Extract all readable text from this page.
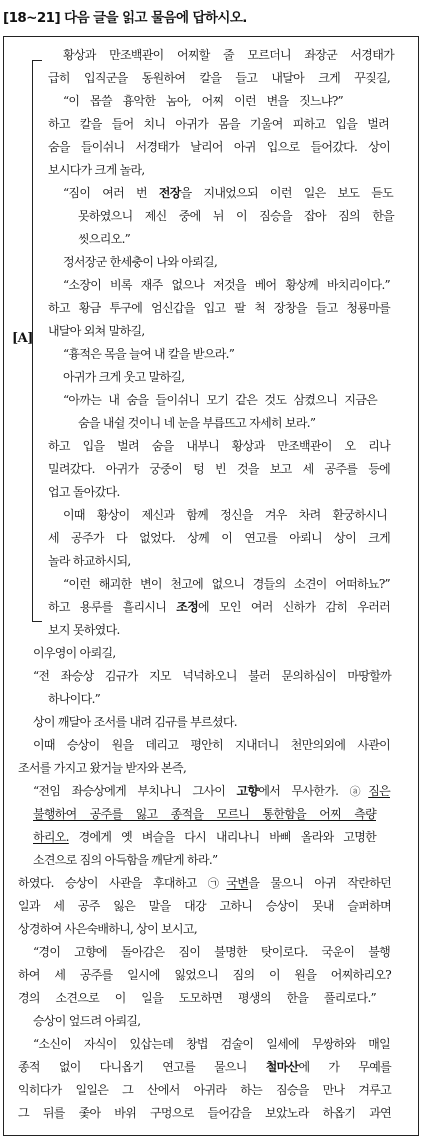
[18~21] 다음 글을 읽고 물음에 답하시오.
[A]
황상과 만조백관이 어찌할 줄 모르더니 좌장군 서경태가
급히 입직군을 동원하여 칼을 들고 내달아 크게 꾸짖길,
“이 몹쓸 흉악한 놈아, 어찌 이런 변을 짓느냐?”
하고 칼을 들어 치니 아귀가 몸을 기울여 피하고 입을 벌려
숨을 들이쉬니 서경태가 날리어 아귀 입으로 들어갔다. 상이
보시다가 크게 놀라,
“짐이 여러 번 전장을 지내었으되 이런 일은 보도 듣도
못하였으니 제신 중에 뉘 이 짐승을 잡아 짐의 한을
씻으리오.”
정서장군 한세충이 나와 아뢰길,
“소장이 비록 재주 없으나 저것을 베어 황상께 바치리이다.”
하고 황금 투구에 엄신갑을 입고 팔 척 장창을 들고 청룡마를
내달아 외쳐 말하길,
“흉적은 목을 늘여 내 칼을 받으라.”
아귀가 크게 웃고 말하길,
“아까는 내 숨을 들이쉬니 모기 같은 것도 삼켰으니 지금은
숨을 내쉴 것이니 네 눈을 부릅뜨고 자세히 보라.”
하고 입을 벌려 숨을 내부니 황상과 만조백관이 오 리나
밀려갔다. 아귀가 궁중이 텅 빈 것을 보고 세 공주를 등에
업고 돌아갔다.
이때 황상이 제신과 함께 정신을 겨우 차려 환궁하시니
세 공주가 다 없었다. 상께 이 연고를 아뢰니 상이 크게
놀라 하교하시되,
“이런 해괴한 변이 천고에 없으니 경들의 소견이 어떠하뇨?”
하고 용루를 흘리시니 조정에 모인 여러 신하가 감히 우러러
보지 못하였다.
이우영이 아뢰길,
“전 좌승상 김규가 지모 넉넉하오니 불러 문의하심이 마땅할까
하나이다.”
상이 깨달아 조서를 내려 김규를 부르셨다.
이때 승상이 원을 데리고 평안히 지내더니 천만의외에 사관이
조서를 가지고 왔거늘 받자와 본즉,
“전임 좌승상에게 부치나니 그사이 고향에서 무사한가. ⓐ짐은
불행하여 공주를 잃고 종적을 모르니 통한함을 어찌 측량
하리오. 경에게 옛 벼슬을 다시 내리나니 바삐 올라와 고명한
소견으로 짐의 아득함을 깨닫게 하라.”
하였다. 승상이 사관을 후대하고 ㉠국변을 물으니 아귀 작란하던
일과 세 공주 잃은 말을 대강 고하니 승상이 못내 슬퍼하며
상경하여 사은숙배하니, 상이 보시고,
“경이 고향에 돌아감은 짐이 불명한 탓이로다. 국운이 불행
하여 세 공주를 일시에 잃었으니 짐의 이 원을 어찌하리오?
경의 소견으로 이 일을 도모하면 평생의 한을 풀리로다.”
승상이 엎드려 아뢰길,
“소신이 자식이 있삽는데 창법 검술이 일세에 무쌍하와 매일
종적 없이 다니옵기 연고를 물으니 철마산에 가 무예를
익히다가 일일은 그 산에서 아귀라 하는 짐승을 만나 겨루고
그 뒤를 좇아 바위 구멍으로 들어감을 보았노라 하옵기 과연
